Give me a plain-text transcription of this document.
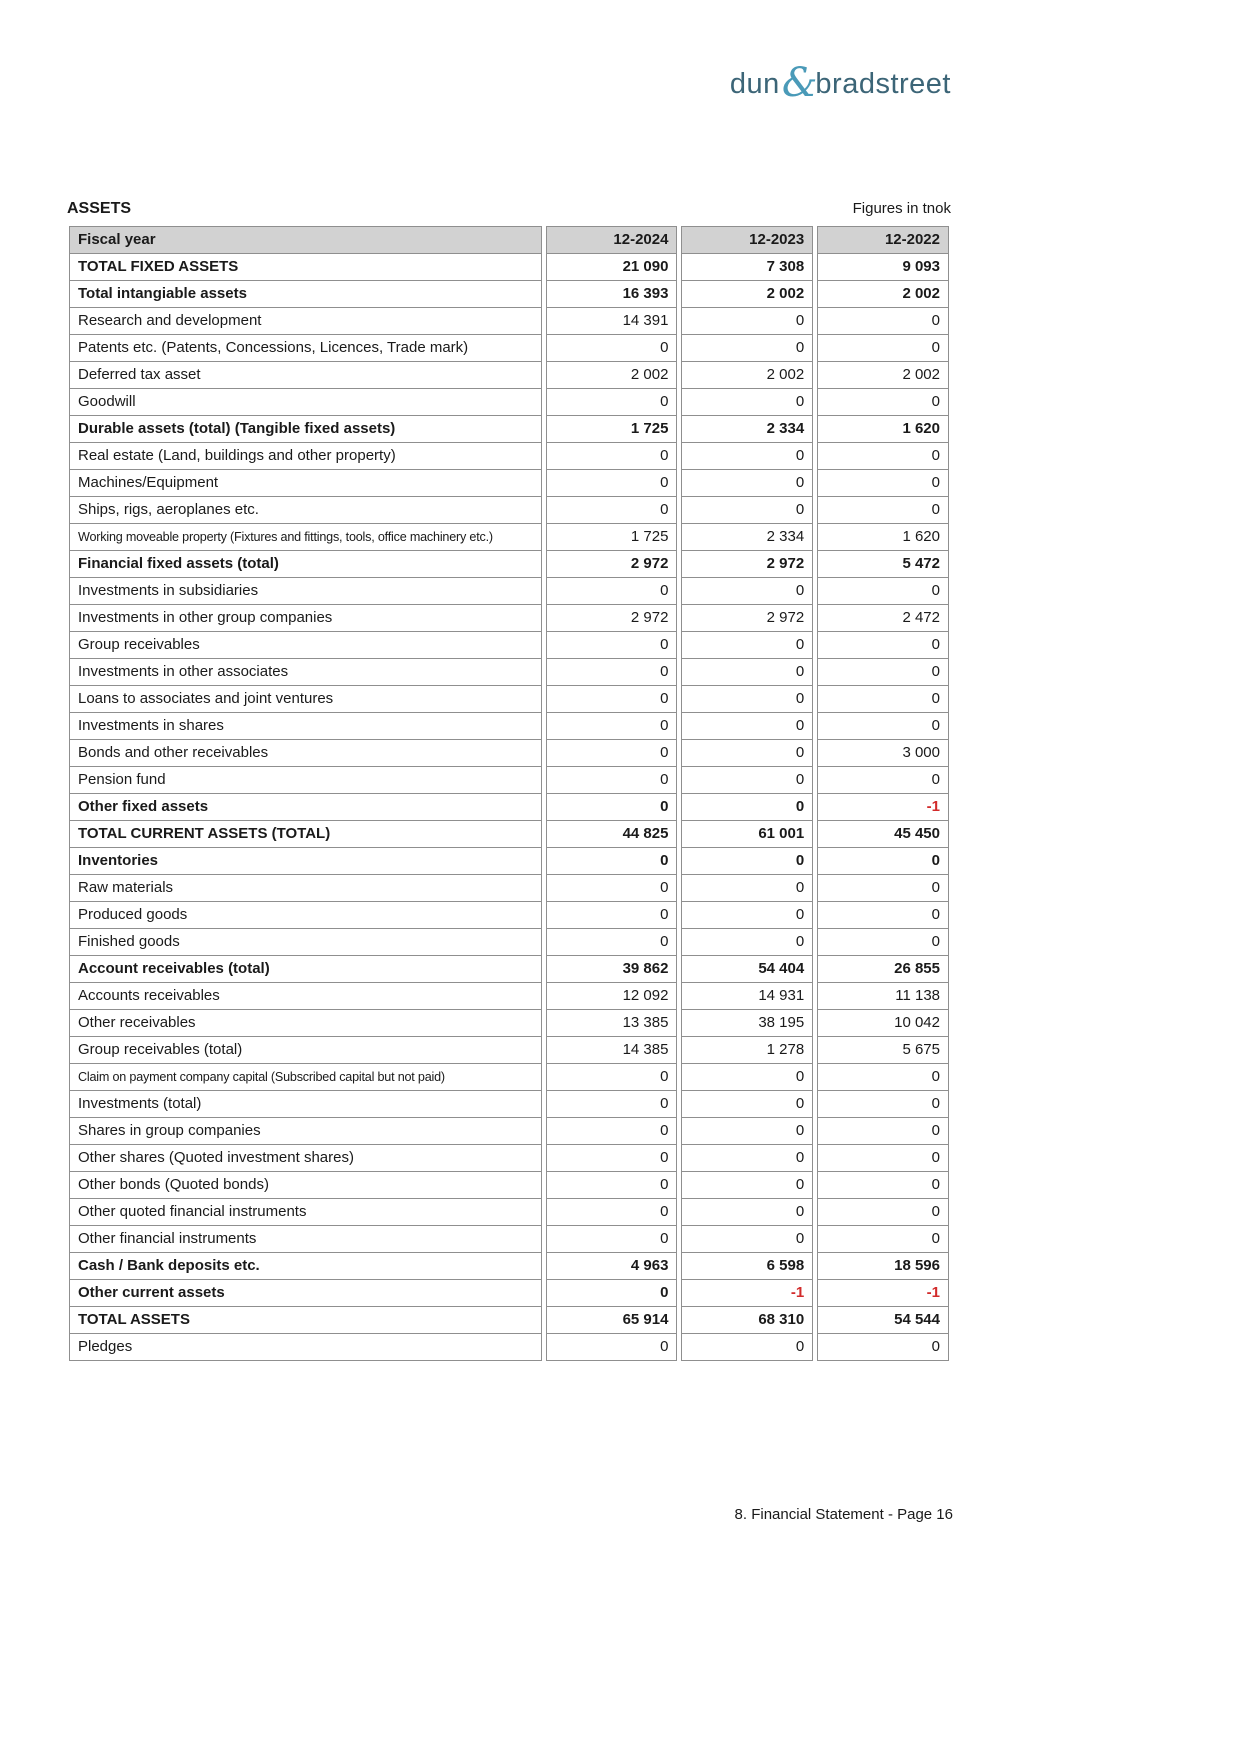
dun &
bradstreet
ASSETS	Figures in tnok
Fiscal year	12-2024	12-2023	12-2022
TOTAL FIXED ASSETS	21 090	7 308	9 093
Total intangiable assets	16 393	2 002	2 002
Research and development	14 391	0	0
Patents etc. (Patents, Concessions, Licences, Trade mark)	0	0	0
Deferred tax asset	2 002	2 002	2 002
Goodwill	0	0	0
Durable assets (total) (Tangible fixed assets)	1 725	2 334	1 620
Real estate (Land, buildings and other property)	0	0	0
Machines/Equipment	0	0	0
Ships, rigs, aeroplanes etc.	0	0	0
Working moveable property (Fixtures and fittings, tools, office machinery etc.)	1 725	2 334	1 620
Financial fixed assets (total)	2 972	2 972	5 472
Investments in subsidiaries	0	0	0
Investments in other group companies	2 972	2 972	2 472
Group receivables	0	0	0
Investments in other associates	0	0	0
Loans to associates and joint ventures	0	0	0
Investments in shares	0	0	0
Bonds and other receivables	0	0	3 000
Pension fund	0	0	0
Other fixed assets	0	0	-1
TOTAL CURRENT ASSETS (TOTAL)	44 825	61 001	45 450
Inventories	0	0	0
Raw materials	0	0	0
Produced goods	0	0	0
Finished goods	0	0	0
Account receivables (total)	39 862	54 404	26 855
Accounts receivables	12 092	14 931	11 138
Other receivables	13 385	38 195	10 042
Group receivables (total)	14 385	1 278	5 675
Claim on payment company capital (Subscribed capital but not paid)	0	0	0
Investments (total)	0	0	0
Shares in group companies	0	0	0
Other shares (Quoted investment shares)	0	0	0
Other bonds (Quoted bonds)	0	0	0
Other quoted financial instruments	0	0	0
Other financial instruments	0	0	0
Cash / Bank deposits etc.	4 963	6 598	18 596
Other current assets	0	-1	-1
TOTAL ASSETS	65 914	68 310	54 544
Pledges	0	0	0
8. Financial Statement - Page 16
